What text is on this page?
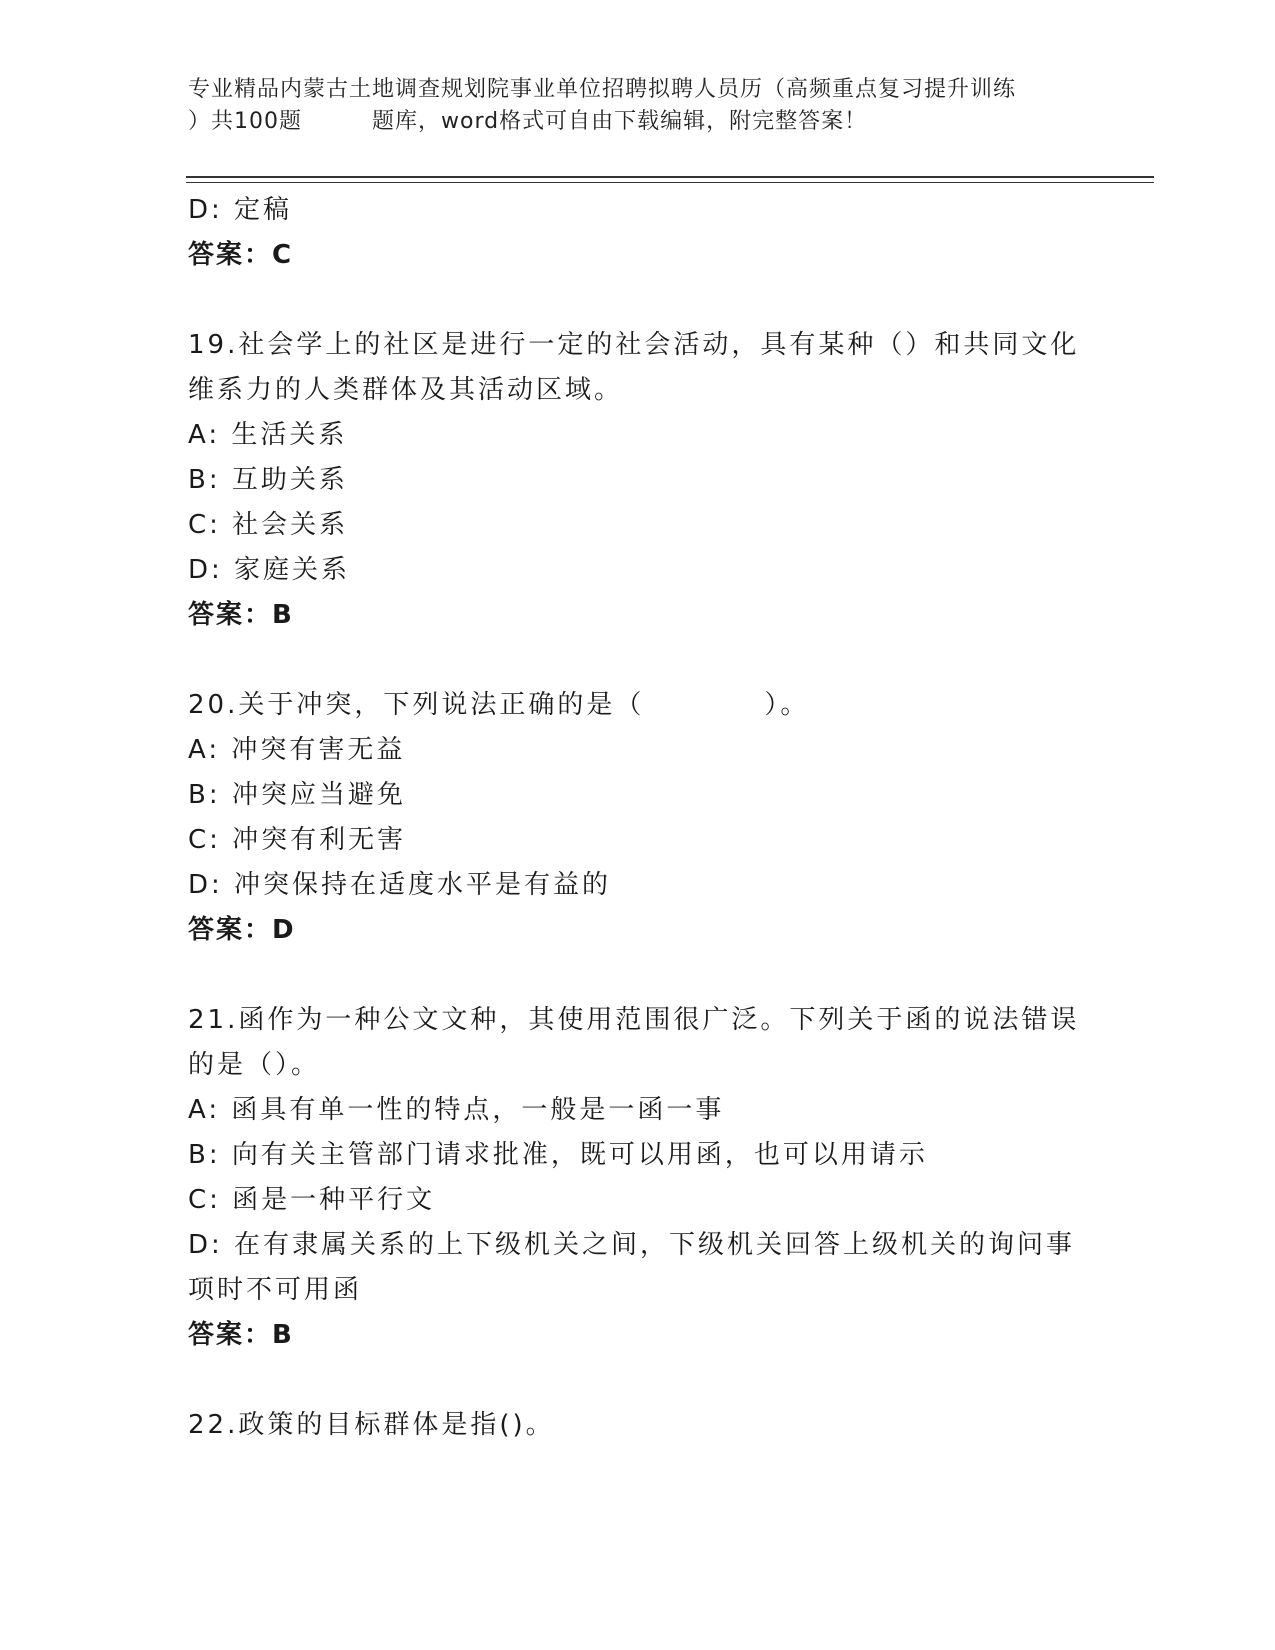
专业精品内蒙古土地调查规划院事业单位招聘拟聘人员历（高频重点复习提升训练
）共100题	题库，word格式可自由下载编辑，附完整答案！
D: 定稿
答案：C
19.社会学上的社区是进行一定的社会活动，具有某种（）和共同文化
维系力的人类群体及其活动区域。
A: 生活关系
B: 互助关系
C: 社会关系
D: 家庭关系
答案：B
20.关于冲突，下列说法正确的是（	）。
A: 冲突有害无益
B: 冲突应当避免
C: 冲突有利无害
D: 冲突保持在适度水平是有益的
答案：D
21.函作为一种公文文种，其使用范围很广泛。下列关于函的说法错误
的是（）。
A: 函具有单一性的特点，一般是一函一事
B: 向有关主管部门请求批准，既可以用函，也可以用请示
C: 函是一种平行文
D: 在有隶属关系的上下级机关之间，下级机关回答上级机关的询问事
项时不可用函
答案：B
22.政策的目标群体是指()。
